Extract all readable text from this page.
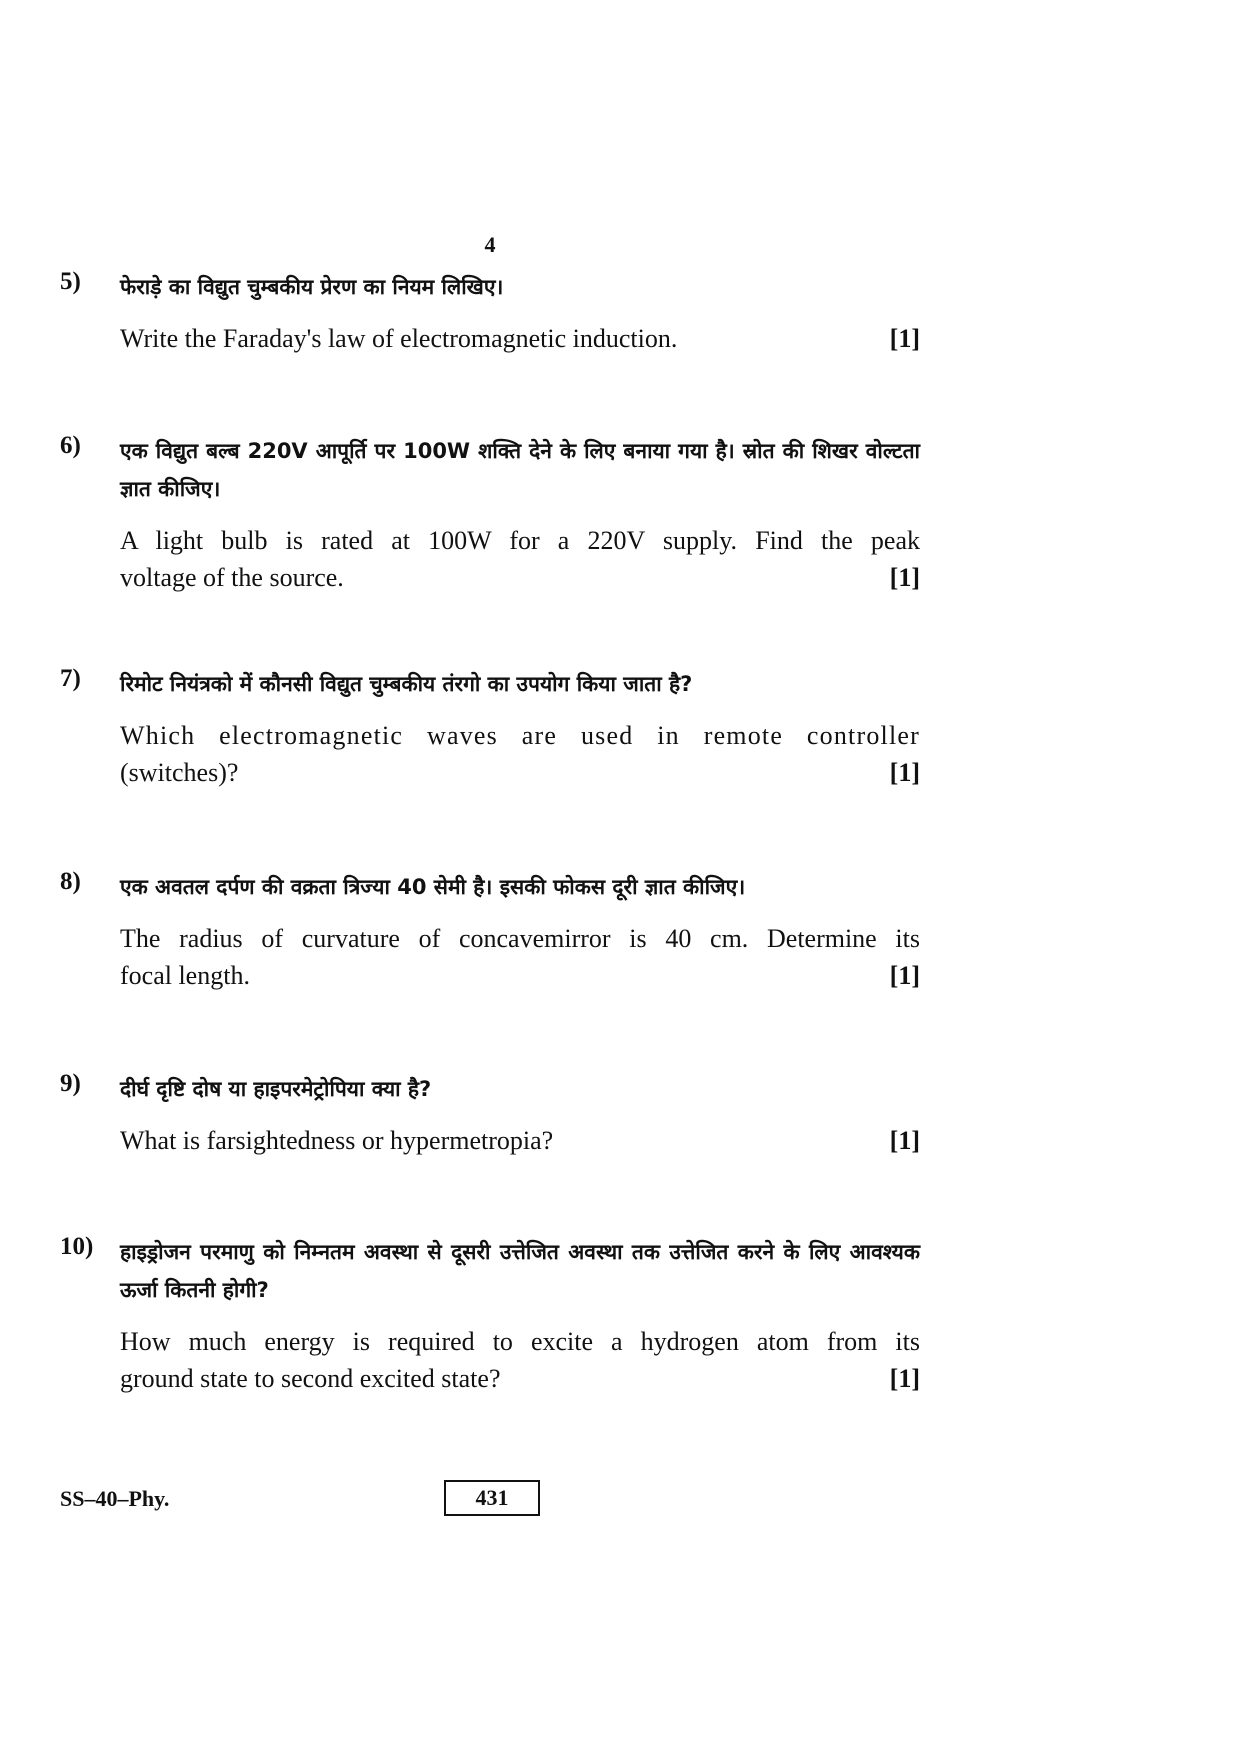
4
5) फेराड़े का विद्युत चुम्बकीय प्रेरण का नियम लिखिए।
[1]
Write the Faraday's law of electromagnetic induction.
6) एक विद्युत बल्ब 220V आपूर्ति पर 100W शक्ति देने के लिए बनाया गया है। स्रोत की शिखर वोल्टता ज्ञात कीजिए।
A light bulb is rated at 100W for a 220V supply. Find the peak
voltage of the source.	[1]
7) रिमोट नियंत्रको में कौनसी विद्युत चुम्बकीय तंरगो का उपयोग किया जाता है?
Which electromagnetic waves are used in remote controller
(switches)?	[1]
8) एक अवतल दर्पण की वक्रता त्रिज्या 40 सेमी है। इसकी फोकस दूरी ज्ञात कीजिए।
The radius of curvature of concavemirror is 40 cm. Determine its
focal length.	[1]
9) दीर्घ दृष्टि दोष या हाइपरमेट्रोपिया क्या है?
[1]
What is farsightedness or hypermetropia?
10) हाइड्रोजन परमाणु को निम्नतम अवस्था से दूसरी उत्तेजित अवस्था तक उत्तेजित करने के लिए आवश्यक ऊर्जा कितनी होगी?
How much energy is required to excite a hydrogen atom from its
ground state to second excited state?	[1]
SS–40–Phy.	431
